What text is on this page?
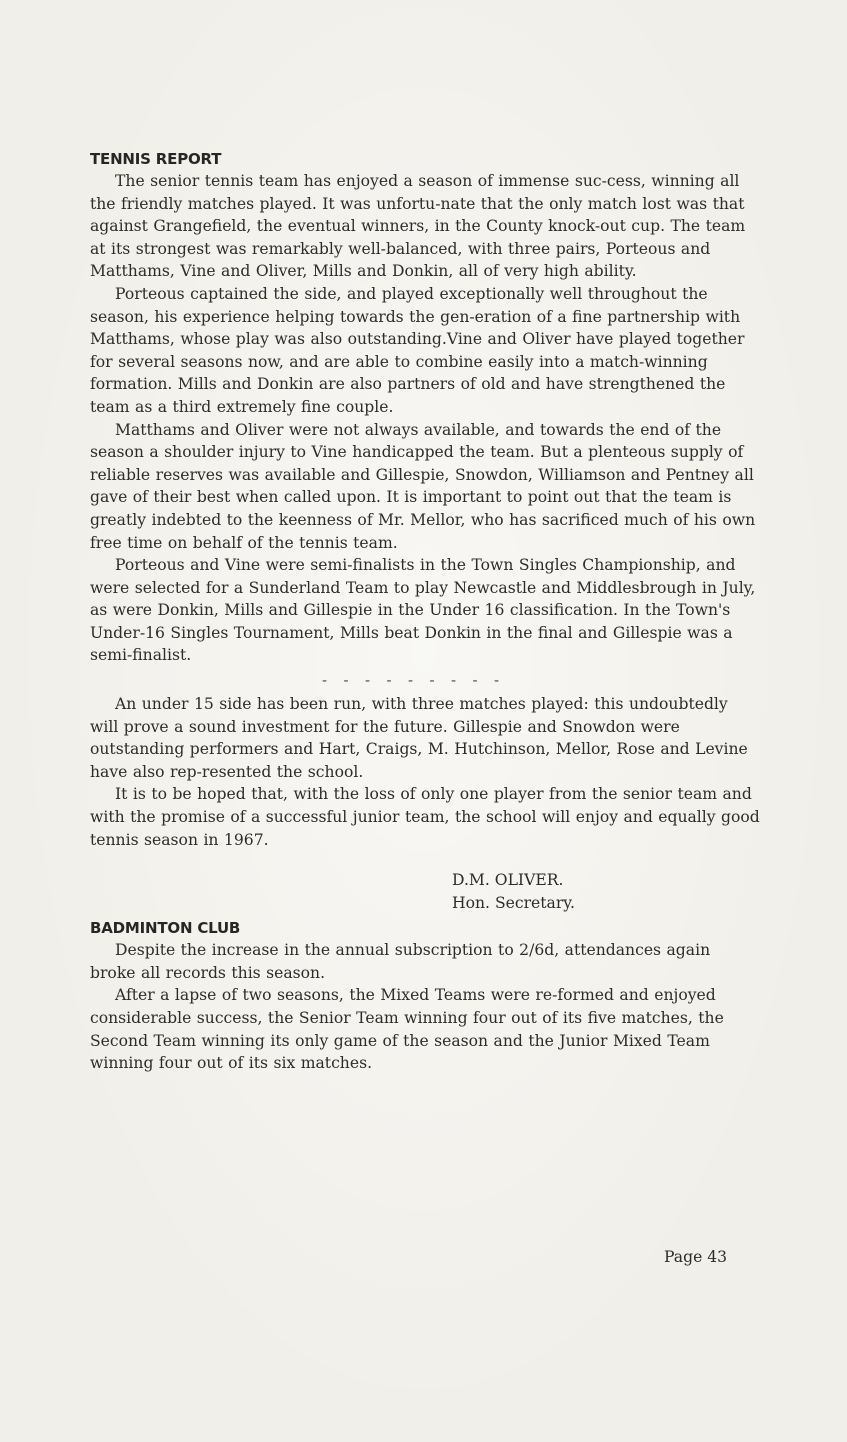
TENNIS REPORT

The senior tennis team has enjoyed a season of immense suc-cess, winning all the friendly matches played. It was unfortu-nate that the only match lost was that against Grangefield, the eventual winners, in the County knock-out cup. The team at its strongest was remarkably well-balanced, with three pairs, Porteous and Matthams, Vine and Oliver, Mills and Donkin, all of very high ability.

Porteous captained the side, and played exceptionally well throughout the season, his experience helping towards the gen-eration of a fine partnership with Matthams, whose play was also outstanding.Vine and Oliver have played together for several seasons now, and are able to combine easily into a match-winning formation. Mills and Donkin are also partners of old and have strengthened the team as a third extremely fine couple.

Matthams and Oliver were not always available, and towards the end of the season a shoulder injury to Vine handicapped the team. But a plenteous supply of reliable reserves was available and Gillespie, Snowdon, Williamson and Pentney all gave of their best when called upon. It is important to point out that the team is greatly indebted to the keenness of Mr. Mellor, who has sacrificed much of his own free time on behalf of the tennis team.

Porteous and Vine were semi-finalists in the Town Singles Championship, and were selected for a Sunderland Team to play Newcastle and Middlesbrough in July, as were Donkin, Mills and Gillespie in the Under 16 classification. In the Town's Under-16 Singles Tournament, Mills beat Donkin in the final and Gillespie was a semi-finalist.

- - - - - - - - -

An under 15 side has been run, with three matches played: this undoubtedly will prove a sound investment for the future. Gillespie and Snowdon were outstanding performers and Hart, Craigs, M. Hutchinson, Mellor, Rose and Levine have also rep-resented the school.

It is to be hoped that, with the loss of only one player from the senior team and with the promise of a successful junior team, the school will enjoy and equally good tennis season in 1967.

D.M. OLIVER.
Hon. Secretary.
BADMINTON CLUB

Despite the increase in the annual subscription to 2/6d, attendances again broke all records this season.

After a lapse of two seasons, the Mixed Teams were re-formed and enjoyed considerable success, the Senior Team winning four out of its five matches, the Second Team winning its only game of the season and the Junior Mixed Team winning four out of its six matches.

Page 43
